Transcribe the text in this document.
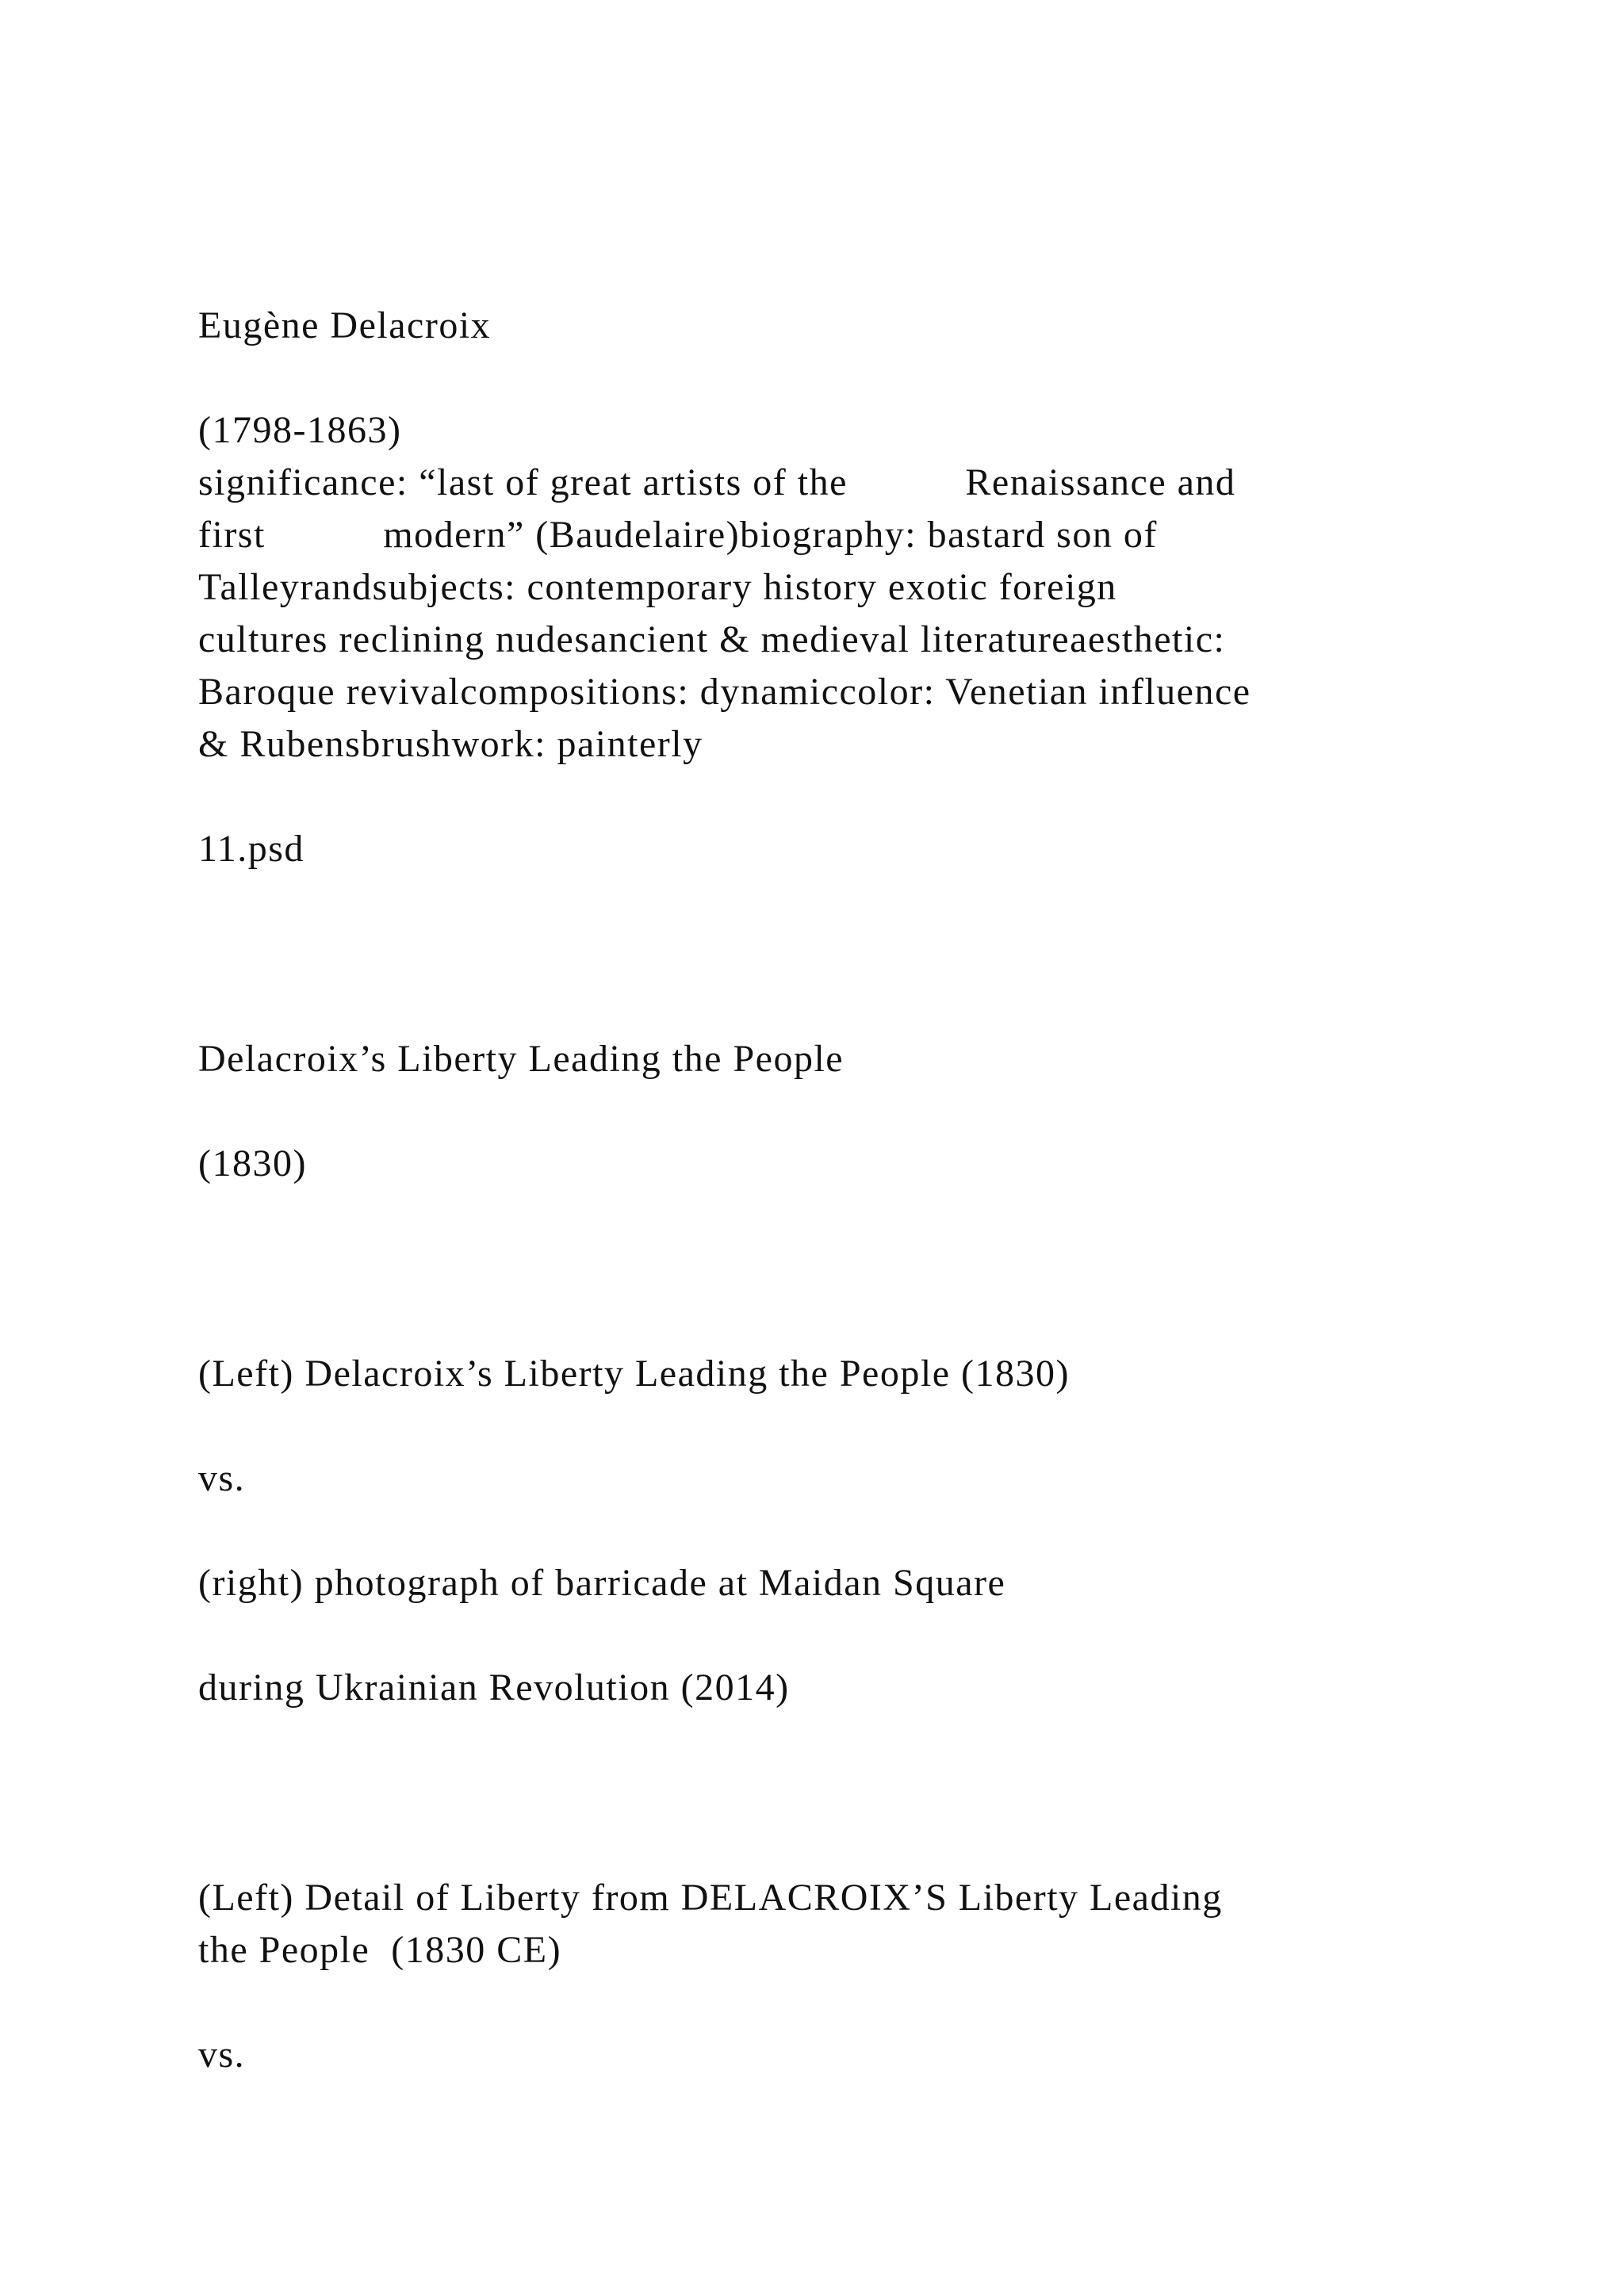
Eugène Delacroix

(1798-1863)

significance: “last of great artists of the           Renaissance and
first           modern” (Baudelaire)biography: bastard son of
Talleyrandsubjects: contemporary history exotic foreign
cultures reclining nudesancient & medieval literatureaesthetic:
Baroque revivalcompositions: dynamiccolor: Venetian influence
& Rubensbrushwork: painterly

11.psd

Delacroix’s Liberty Leading the People

(1830)

(Left) Delacroix’s Liberty Leading the People (1830)

vs.

(right) photograph of barricade at Maidan Square

during Ukrainian Revolution (2014)

(Left) Detail of Liberty from DELACROIX’S Liberty Leading
the People  (1830 CE)

vs.
